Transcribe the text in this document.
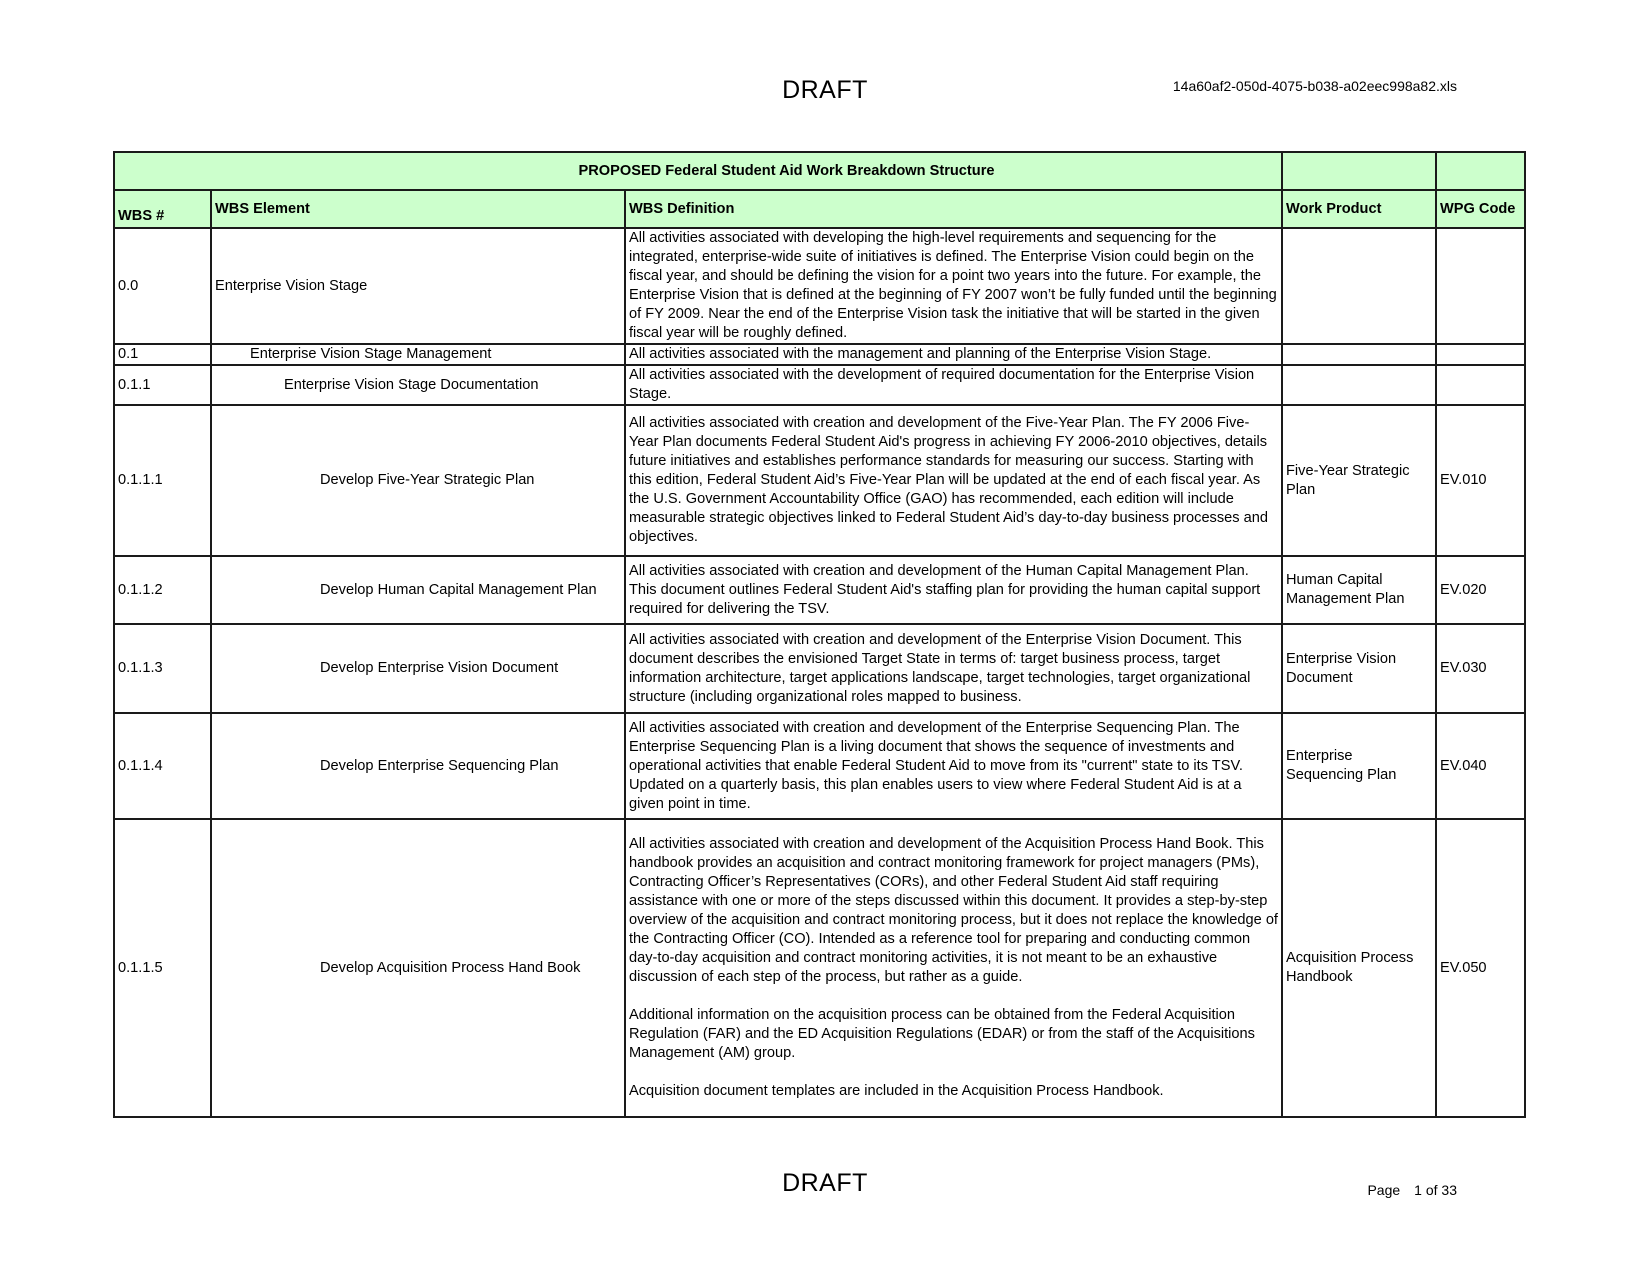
DRAFT	14a60af2-050d-4075-b038-a02eec998a82.xls
PROPOSED Federal Student Aid Work Breakdown Structure				
WBS #	WBS Element	WBS Definition	Work Product	WPG Code
0.0	Enterprise Vision Stage	All activities associated with developing the high-level requirements and sequencing for the integrated, enterprise-wide suite of initiatives is defined. The Enterprise Vision could begin on the fiscal year, and should be defining the vision for a point two years into the future. For example, the Enterprise Vision that is defined at the beginning of FY 2007 won’t be fully funded until the beginning of FY 2009. Near the end of the Enterprise Vision task the initiative that will be started in the given fiscal year will be roughly defined.		

0.1	Enterprise Vision Stage Management	All activities associated with the management and planning of the Enterprise Vision Stage.		

0.1.1	Enterprise Vision Stage Documentation	All activities associated with the development of required documentation for the Enterprise Vision Stage.		

0.1.1.1	Develop Five-Year Strategic Plan	All activities associated with creation and development of the Five-Year Plan. The FY 2006 Five-Year Plan documents Federal Student Aid's progress in achieving FY 2006-2010 objectives, details future initiatives and establishes performance standards for measuring our success. Starting with this edition, Federal Student Aid’s Five-Year Plan will be updated at the end of each fiscal year. As the U.S. Government Accountability Office (GAO) has recommended, each edition will include measurable strategic objectives linked to Federal Student Aid’s day-to-day business processes and objectives.	Five-Year Strategic Plan	EV.010
0.1.1.2	Develop Human Capital Management Plan	All activities associated with creation and development of the Human Capital Management Plan. This document outlines Federal Student Aid's staffing plan for providing the human capital support required for delivering the TSV.	Human Capital Management Plan	EV.020
0.1.1.3	Develop Enterprise Vision Document	All activities associated with creation and development of the Enterprise Vision Document. This document describes the envisioned Target State in terms of: target business process, target information architecture, target applications landscape, target technologies, target organizational structure (including organizational roles mapped to business.	Enterprise Vision Document	EV.030
0.1.1.4	Develop Enterprise Sequencing Plan	All activities associated with creation and development of the Enterprise Sequencing Plan. The Enterprise Sequencing Plan is a living document that shows the sequence of investments and operational activities that enable Federal Student Aid to move from its "current" state to its TSV. Updated on a quarterly basis, this plan enables users to view where Federal Student Aid is at a given point in time.	Enterprise Sequencing Plan	EV.040
0.1.1.5	Develop Acquisition Process Hand Book	All activities associated with creation and development of the Acquisition Process Hand Book. This handbook provides an acquisition and contract monitoring framework for project managers (PMs), Contracting Officer’s Representatives (CORs), and other Federal Student Aid staff requiring assistance with one or more of the steps discussed within this document. It provides a step-by-step overview of the acquisition and contract monitoring process, but it does not replace the knowledge of the Contracting Officer (CO). Intended as a reference tool for preparing and conducting common day-to-day acquisition and contract monitoring activities, it is not meant to be an exhaustive discussion of each step of the process, but rather as a guide.

Additional information on the acquisition process can be obtained from the Federal Acquisition Regulation (FAR) and the ED Acquisition Regulations (EDAR) or from the staff of the Acquisitions Management (AM) group.

Acquisition document templates are included in the Acquisition Process Handbook.	Acquisition Process Handbook	EV.050
DRAFT	Page 1 of 33
